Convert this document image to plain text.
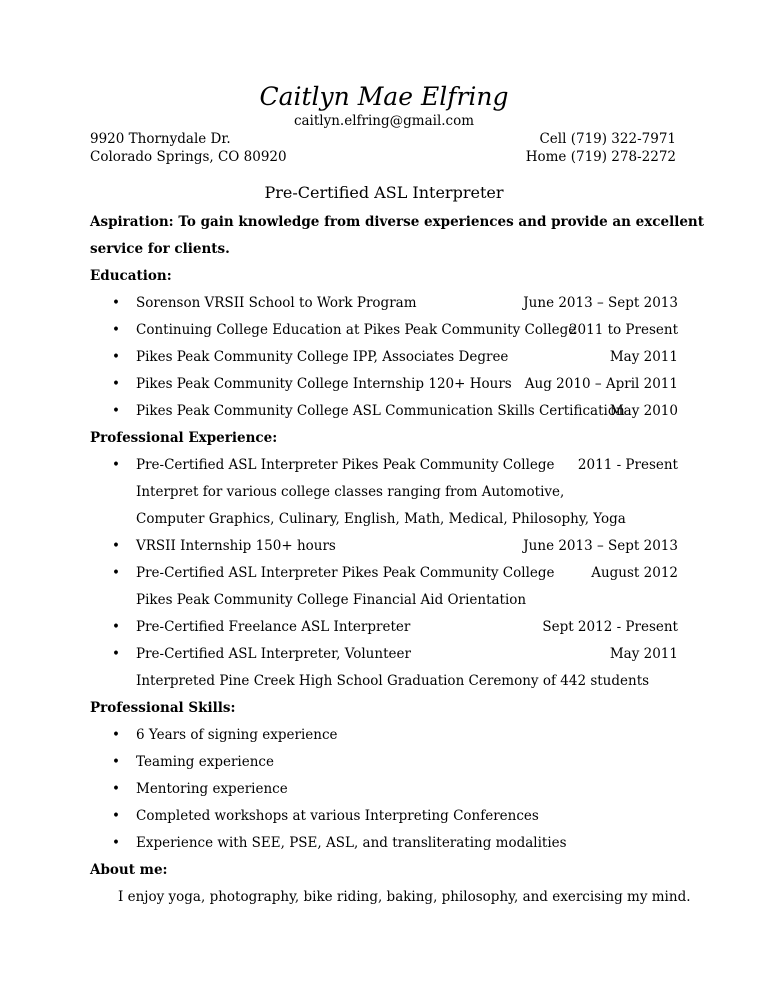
Caitlyn Mae Elfring
caitlyn.elfring@gmail.com
9920 Thornydale Dr.
Colorado Springs, CO 80920
Cell (719) 322-7971
Home (719) 278-2272
Pre-Certified ASL Interpreter
Aspiration: To gain knowledge from diverse experiences and provide an excellent
service for clients.
Education:
• Sorenson VRSII School to Work Program	June 2013 – Sept 2013
• Continuing College Education at Pikes Peak Community College
2011 to Present
• Pikes Peak Community College IPP, Associates Degree	May 2011
• Pikes Peak Community College Internship 120+ Hours Aug 2010 – April 2011
• Pikes Peak Community College ASL Communication Skills Certification
May 2010
Professional Experience:
• Pre-Certified ASL Interpreter Pikes Peak Community College 2011 - Present
Interpret for various college classes ranging from Automotive,
Computer Graphics, Culinary, English, Math, Medical, Philosophy, Yoga
• VRSII Internship 150+ hours	June 2013 – Sept 2013
• Pre-Certified ASL Interpreter Pikes Peak Community College	August 2012
Pikes Peak Community College Financial Aid Orientation
• Pre-Certified Freelance ASL Interpreter	Sept 2012 - Present
• Pre-Certified ASL Interpreter, Volunteer	May 2011
Interpreted Pine Creek High School Graduation Ceremony of 442 students
Professional Skills:
• 6 Years of signing experience
• Teaming experience
• Mentoring experience
• Completed workshops at various Interpreting Conferences
• Experience with SEE, PSE, ASL, and transliterating modalities
About me:
I enjoy yoga, photography, bike riding, baking, philosophy, and exercising my mind.
